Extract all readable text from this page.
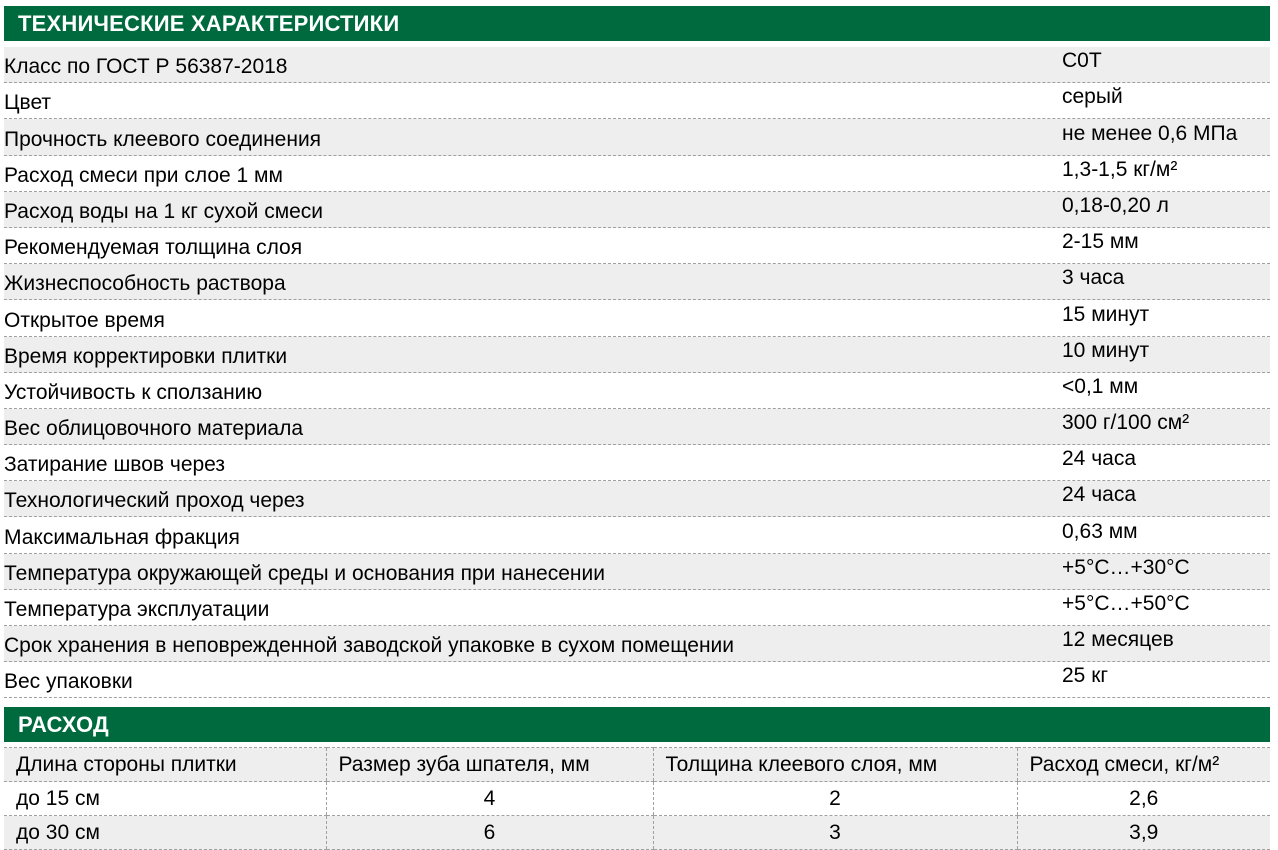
ТЕХНИЧЕСКИЕ ХАРАКТЕРИСТИКИ
Класс по ГОСТ Р 56387-2018	С0Т
Цвет	серый
Прочность клеевого соединения	не менее 0,6 МПа
Расход смеси при слое 1 мм	1,3-1,5 кг/м²
Расход воды на 1 кг сухой смеси	0,18-0,20 л
Рекомендуемая толщина слоя	2-15 мм
Жизнеспособность раствора	3 часа
Открытое время	15 минут
Время корректировки плитки	10 минут
Устойчивость к сползанию	<0,1 мм
Вес облицовочного материала	300 г/100 см²
Затирание швов через	24 часа
Технологический проход через	24 часа
Максимальная фракция	0,63 мм
Температура окружающей среды и основания при нанесении	+5°С…+30°С
Температура эксплуатации	+5°С…+50°С
Срок хранения в неповрежденной заводской упаковке в сухом помещении	12 месяцев
Вес упаковки	25 кг
РАСХОД
Длина стороны плитки	Размер зуба шпателя, мм	Толщина клеевого слоя, мм	Расход смеси, кг/м²
до 15 см	4	2	2,6
до 30 см	6	3	3,9
